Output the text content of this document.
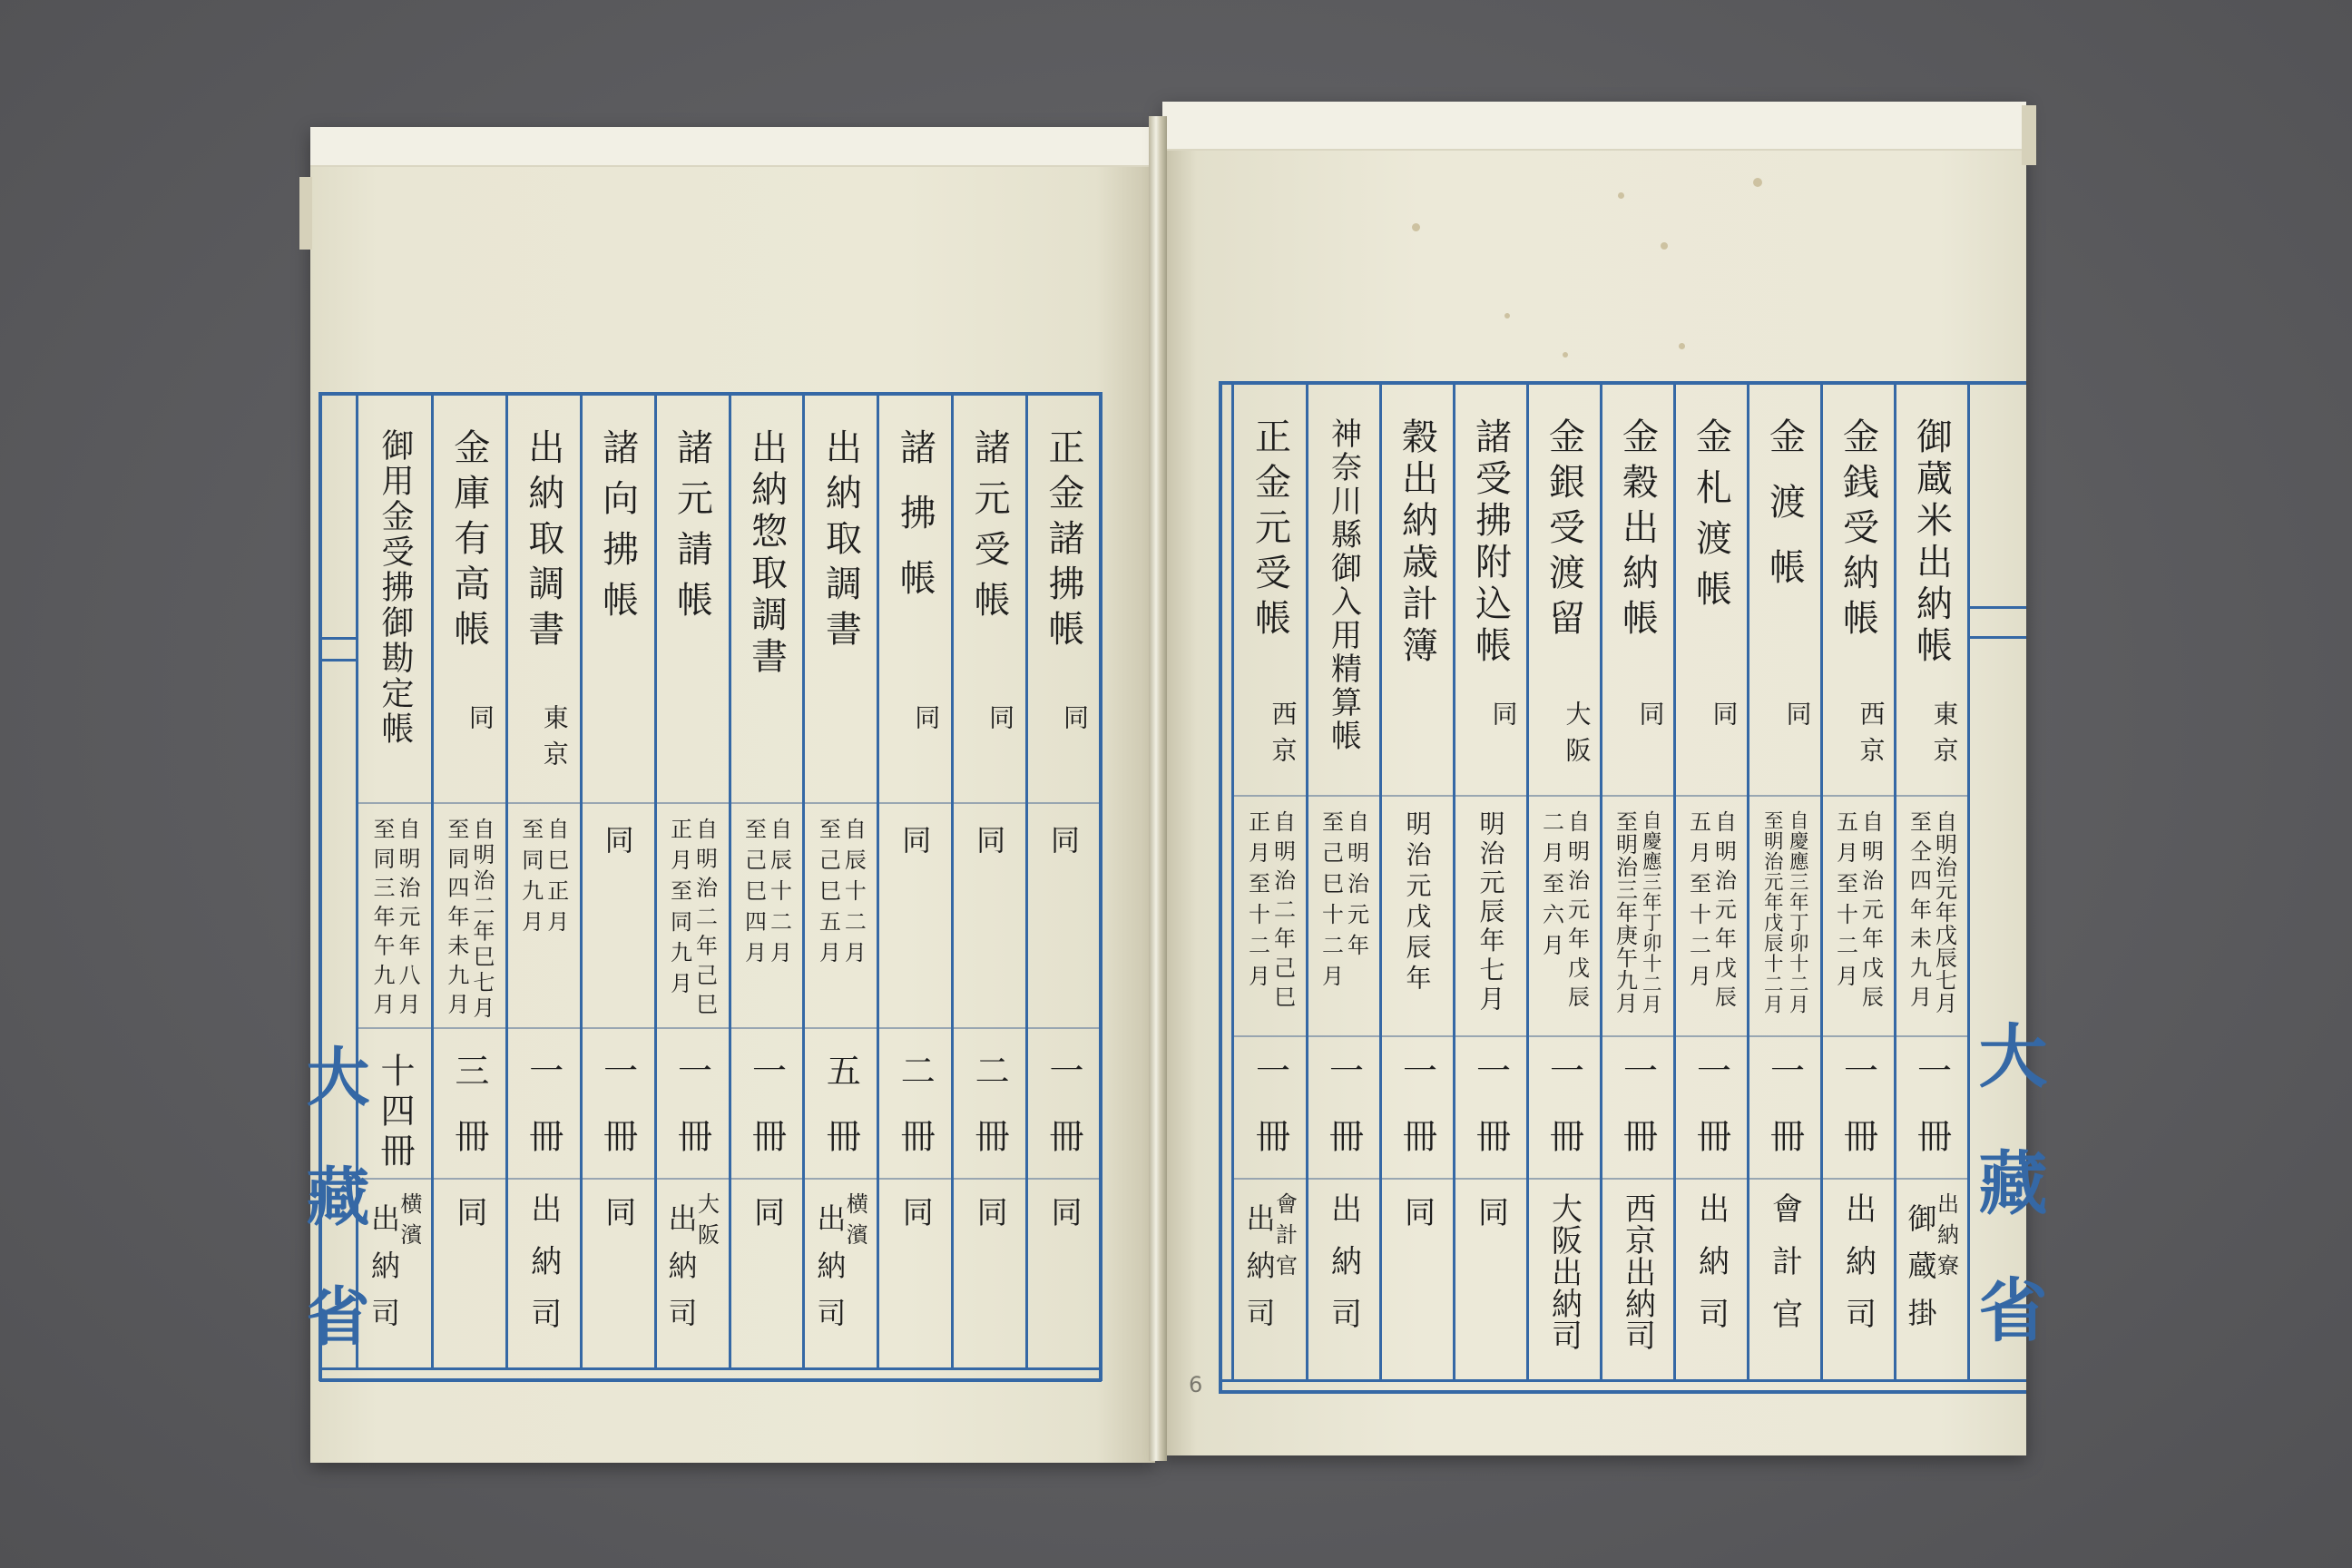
大藏省	大藏省
6
御蔵米出納帳
東京
自明治元年戊辰七月
至仝四年未九月
一冊
出納寮
御蔵掛
金銭受納帳
西京
自明治元年戊辰
五月至十二月
一冊
出納司
金渡帳
同
自慶應三年丁卯十二月
至明治元年戊辰十二月
一冊
會計官
金札渡帳
同
自明治元年戊辰
五月至十二月
一冊
出納司
金穀出納帳
同
自慶應三年丁卯十二月
至明治三年庚午九月
一冊
西京出納司
金銀受渡留
大阪
自明治元年戊辰
二月至六月
一冊
大阪出納司
諸受拂附込帳
同
明治元辰年七月
一冊
同
穀出納歳計簿
明治元戊辰年
一冊
同
神奈川縣御入用精算帳
自明治元年
至己巳十二月
一冊
出納司
正金元受帳
西京
自明治二年己巳
正月至十二月
一冊
會計官
出納司
正金諸拂帳
同
同
一冊
同
諸元受帳
同
同
二冊
同
諸拂帳
同
同
二冊
同
出納取調書
自辰十二月
至己巳五月
五冊
横濱
出納司
出納惣取調書
自辰十二月
至己巳四月
一冊
同
諸元請帳
自明治二年己巳
正月至同九月
一冊
大阪
出納司
諸向拂帳
同
一冊
同
出納取調書
東京
自巳正月
至同九月
一冊
出納司
金庫有高帳
同
自明治二年巳七月
至同四年未九月
三冊
同
御用金受拂御勘定帳
自明治元年八月
至同三年午九月
十四冊
横濱
出納司
